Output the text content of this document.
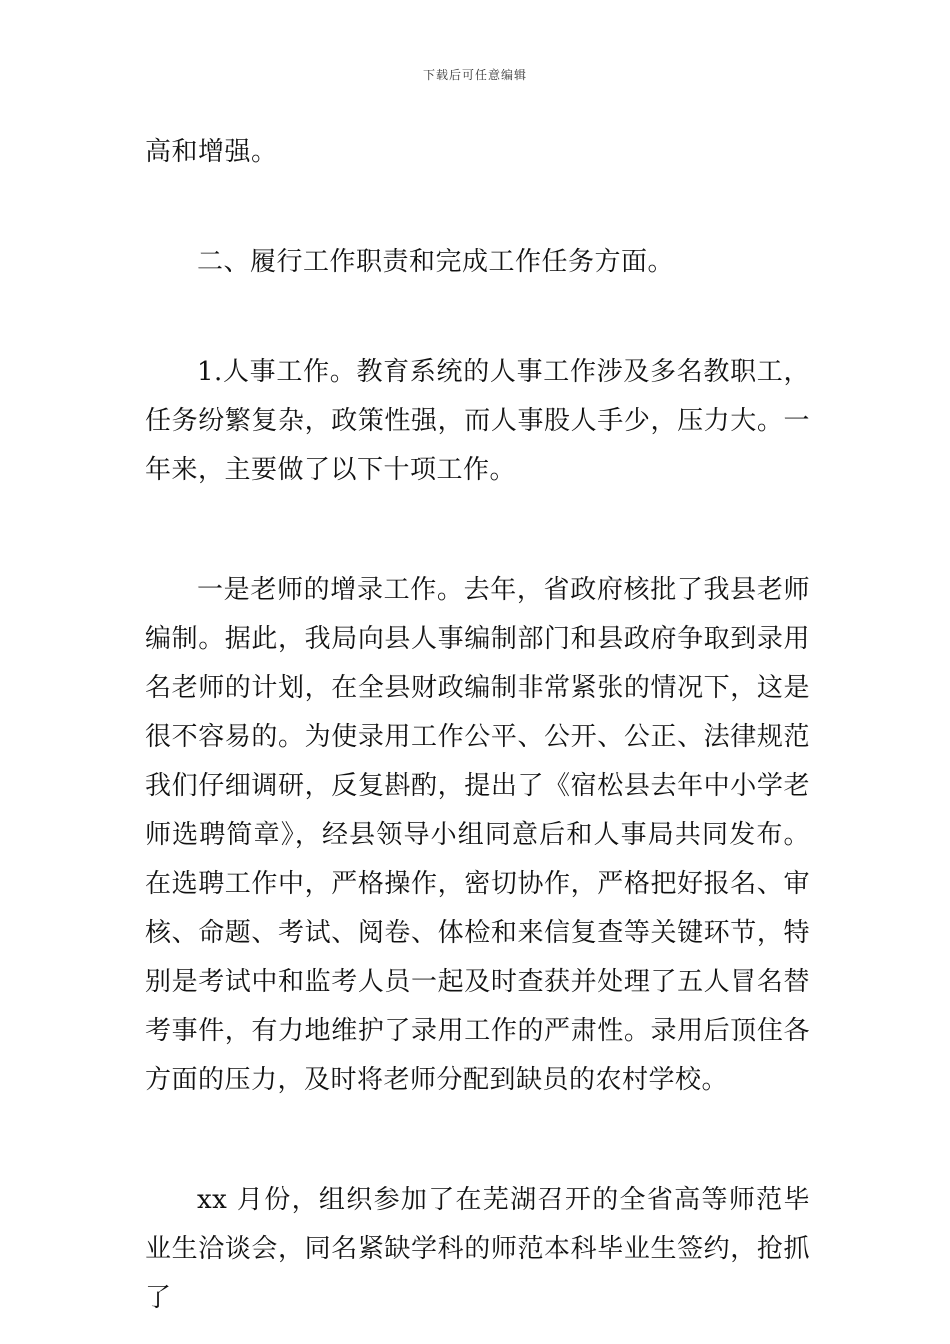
下载后可任意编辑

高和增强。

二、履行工作职责和完成工作任务方面。

1.人事工作。教育系统的人事工作涉及多名教职工，任务纷繁复杂，政策性强，而人事股人手少，压力大。一年来，主要做了以下十项工作。

一是老师的增录工作。去年，省政府核批了我县老师编制。据此，我局向县人事编制部门和县政府争取到录用名老师的计划，在全县财政编制非常紧张的情况下，这是很不容易的。为使录用工作公平、公开、公正、法律规范我们仔细调研，反复斟酌，提出了《宿松县去年中小学老师选聘简章》，经县领导小组同意后和人事局共同发布。在选聘工作中，严格操作，密切协作，严格把好报名、审核、命题、考试、阅卷、体检和来信复查等关键环节，特别是考试中和监考人员一起及时查获并处理了五人冒名替考事件，有力地维护了录用工作的严肃性。录用后顶住各方面的压力，及时将老师分配到缺员的农村学校。

xx 月份，组织参加了在芜湖召开的全省高等师范毕业生洽谈会，同名紧缺学科的师范本科毕业生签约，抢抓了
